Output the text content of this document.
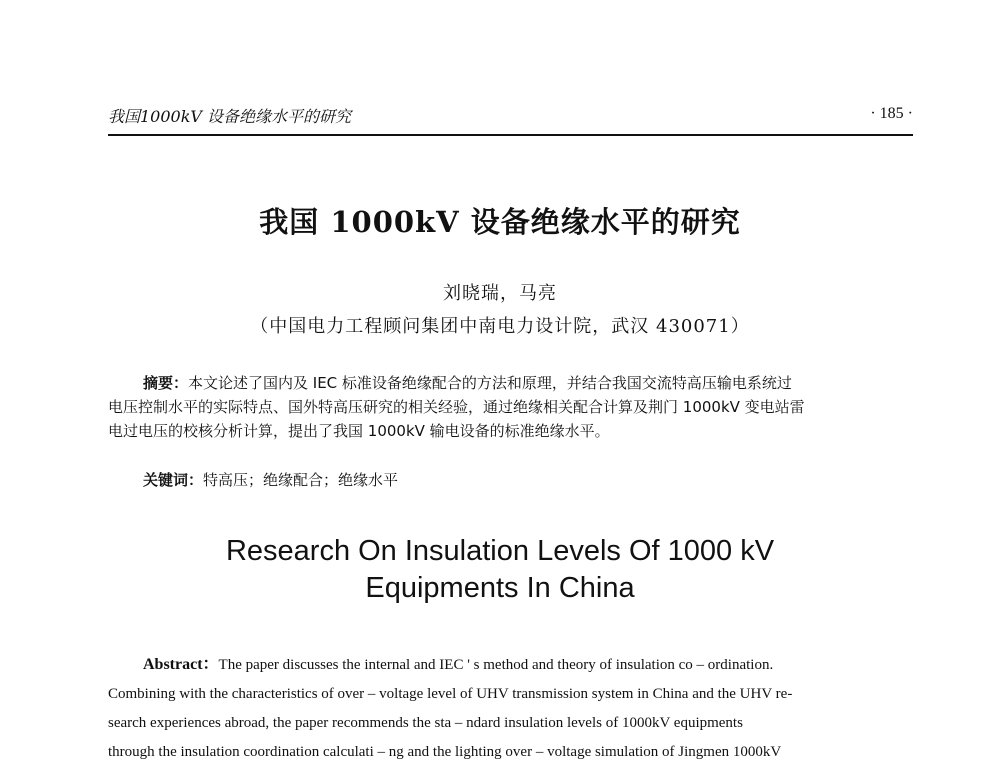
我国1000kV 设备绝缘水平的研究	· 185 ·
我国 1000kV 设备绝缘水平的研究
刘晓瑞，马亮
（中国电力工程顾问集团中南电力设计院，武汉 430071）
摘要：本文论述了国内及 IEC 标准设备绝缘配合的方法和原理，并结合我国交流特高压输电系统过
电压控制水平的实际特点、国外特高压研究的相关经验，通过绝缘相关配合计算及荆门 1000kV 变电站雷
电过电压的校核分析计算，提出了我国 1000kV 输电设备的标准绝缘水平。
关键词：特高压；绝缘配合；绝缘水平
Research On Insulation Levels Of 1000 kV
Equipments In China
Abstract：The paper discusses the internal and IEC ' s method and theory of insulation co – ordination.
Combining with the characteristics of over – voltage level of UHV transmission system in China and the UHV re-
search experiences abroad, the paper recommends the sta – ndard insulation levels of 1000kV equipments
through the insulation coordination calculati – ng and the lighting over – voltage simulation of Jingmen 1000kV
